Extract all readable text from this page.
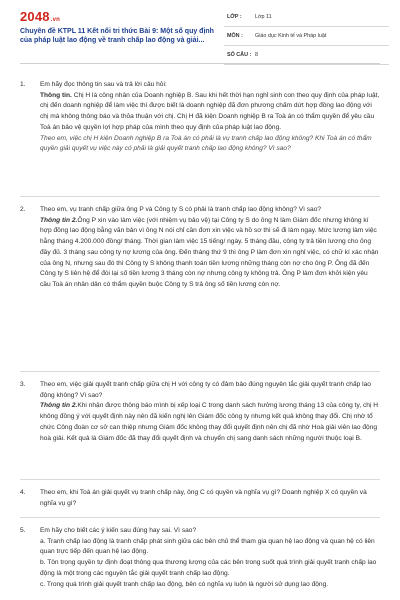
2048.vn
Chuyên đề KTPL 11 Kết nối tri thức Bài 9: Một số quy định của pháp luật lao động về tranh chấp lao động và giải...
LỚP : Lớp 11
MÔN : Giáo dục Kinh tế và Pháp luật
SỐ CÂU : 8
1. Em hãy đọc thông tin sau và trả lời câu hỏi:

Thông tin. Chị H là công nhân của Doanh nghiệp B. Sau khi hết thời hạn nghỉ sinh con theo quy định của pháp luật, chị đến doanh nghiệp để làm việc thì được biết là doanh nghiệp đã đơn phương chấm dứt hợp đồng lao động với chị mà không thông báo và thỏa thuận với chị. Chị H đã kiện Doanh nghiệp B ra Toà án có thẩm quyền để yêu cầu Toà án bảo vệ quyền lợi hợp pháp của mình theo quy định của pháp luật lao động.

Theo em, việc chị H kiện Doanh nghiệp B ra Toà án có phải là vụ tranh chấp lao động không? Khi Toà án có thẩm quyền giải quyết vụ việc này có phải là giải quyết tranh chấp lao động không? Vì sao?

2. Theo em, vụ tranh chấp giữa ông P và Công ty S có phải là tranh chấp lao động không? Vì sao?

Thông tin 2.Ông P xin vào làm việc (với nhiệm vụ bảo vệ) tại Công ty S do ông N làm Giám đốc nhưng không kí hợp đồng lao động bằng văn bản vì ông N nói chỉ cần đơn xin việc và hồ sơ thì sẽ đi làm ngay. Mức lương làm việc hằng tháng 4.200.000 đồng/ tháng. Thời gian làm việc 15 tiếng/ ngày. 5 tháng đầu, công ty trả tiền lương cho ông đầy đủ. 3 tháng sau công ty nợ lương của ông. Đến tháng thứ 9 thì ông P làm đơn xin nghỉ việc, có chữ kí xác nhận của ông N, nhưng sau đó thì Công ty S không thanh toán tiền lương những tháng còn nợ cho ông P. Ông đã đến Công ty S liên hệ để đòi lại số tiền lương 3 tháng còn nợ nhưng công ty không trả. Ông P làm đơn khởi kiện yêu cầu Toà án nhân dân có thẩm quyền buộc Công ty S trả ông số tiền lương còn nợ.

3. Theo em, việc giải quyết tranh chấp giữa chị H với công ty có đảm bảo đúng nguyên tắc giải quyết tranh chấp lao động không? Vì sao?

Thông tin 2.Khi nhận được thông báo mình bị xếp loại C trong danh sách hưởng lương tháng 13 của công ty, chị H không đồng ý với quyết định này nên đã kiến nghị lên Giám đốc công ty nhưng kết quả không thay đổi. Chị nhờ tổ chức Công đoàn cơ sở can thiệp nhưng Giám đốc không thay đổi quyết định nên chị đã nhờ Hoà giải viên lao động hoà giải. Kết quả là Giám đốc đã thay đổi quyết định và chuyển chị sang danh sách những người thuộc loại B.

4. Theo em, khi Toà án giải quyết vụ tranh chấp này, ông C có quyền và nghĩa vụ gì? Doanh nghiệp X có quyền và nghĩa vụ gì?

5. Em hãy cho biết các ý kiến sau đúng hay sai. Vì sao?

a. Tranh chấp lao động là tranh chấp phát sinh giữa các bên chủ thể tham gia quan hệ lao động và quan hệ có liên quan trực tiếp đến quan hệ lao động.

b. Tôn trọng quyền tự định đoạt thông qua thương lượng của các bên trong suốt quá trình giải quyết tranh chấp lao động là một trong các nguyên tắc giải quyết tranh chấp lao động.

c. Trong quá trình giải quyết tranh chấp lao động, bên có nghĩa vụ luôn là người sử dụng lao động.
